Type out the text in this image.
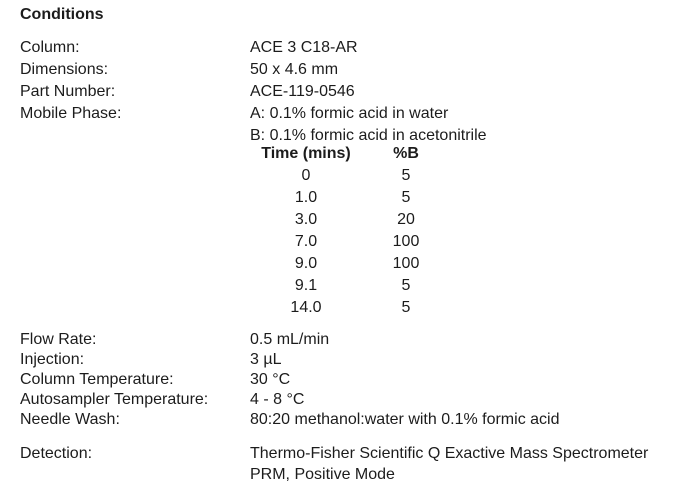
Conditions
Column:	ACE 3 C18-AR
Dimensions:	50 x 4.6 mm
Part Number:	ACE-119-0546
Mobile Phase:	A: 0.1% formic acid in water
B: 0.1% formic acid in acetonitrile
Time (mins)	%B
0	5
1.0	5
3.0	20
7.0	100
9.0	100
9.1	5
14.0	5
Flow Rate:	0.5 mL/min
Injection:	3 µL
Column Temperature:	30 °C
Autosampler Temperature:	4 - 8 °C
Needle Wash:	80:20 methanol:water with 0.1% formic acid
Detection:	Thermo-Fisher Scientific Q Exactive Mass Spectrometer
PRM, Positive Mode
